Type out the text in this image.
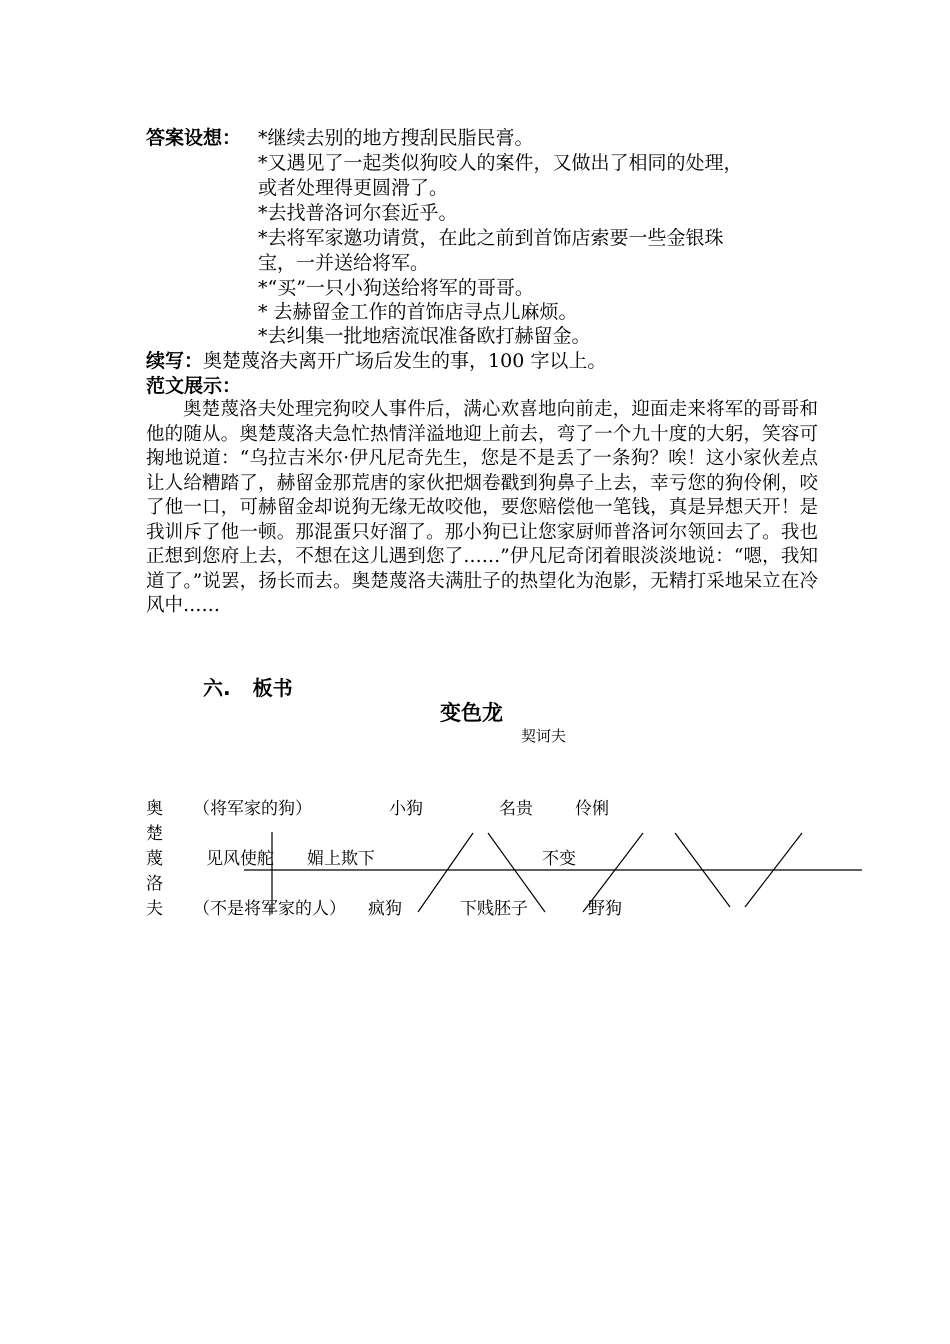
答案设想： *继续去别的地方搜刮民脂民膏。
*又遇见了一起类似狗咬人的案件，又做出了相同的处理，
或者处理得更圆滑了。
*去找普洛诃尔套近乎。
*去将军家邀功请赏，在此之前到首饰店索要一些金银珠
宝，一并送给将军。
*“买”一只小狗送给将军的哥哥。
* 去赫留金工作的首饰店寻点儿麻烦。
*去纠集一批地痞流氓准备欧打赫留金。
续写：奥楚蔑洛夫离开广场后发生的事，100 字以上。
范文展示：
奥楚蔑洛夫处理完狗咬人事件后，满心欢喜地向前走，迎面走来将军的哥哥和他的随从。奥楚蔑洛夫急忙热情洋溢地迎上前去，弯了一个九十度的大躬，笑容可掬地说道：“乌拉吉米尔·伊凡尼奇先生，您是不是丢了一条狗？唉！这小家伙差点让人给糟踏了，赫留金那荒唐的家伙把烟卷戳到狗鼻子上去，幸亏您的狗伶俐，咬了他一口，可赫留金却说狗无缘无故咬他，要您赔偿他一笔钱，真是异想天开！是我训斥了他一顿。那混蛋只好溜了。那小狗已让您家厨师普洛诃尔领回去了。我也正想到您府上去，不想在这儿遇到您了……”伊凡尼奇闭着眼淡淡地说：“嗯，我知道了。”说罢，扬长而去。奥楚蔑洛夫满肚子的热望化为泡影，无精打采地呆立在冷风中……
六. 板书
变色龙
契诃夫
奥
楚
蔑
洛
夫
（将军家的狗）	小狗	名贵 伶俐
见风使舵 媚上欺下	不变
（不是将军家的人） 疯狗	下贱胚子	野狗
